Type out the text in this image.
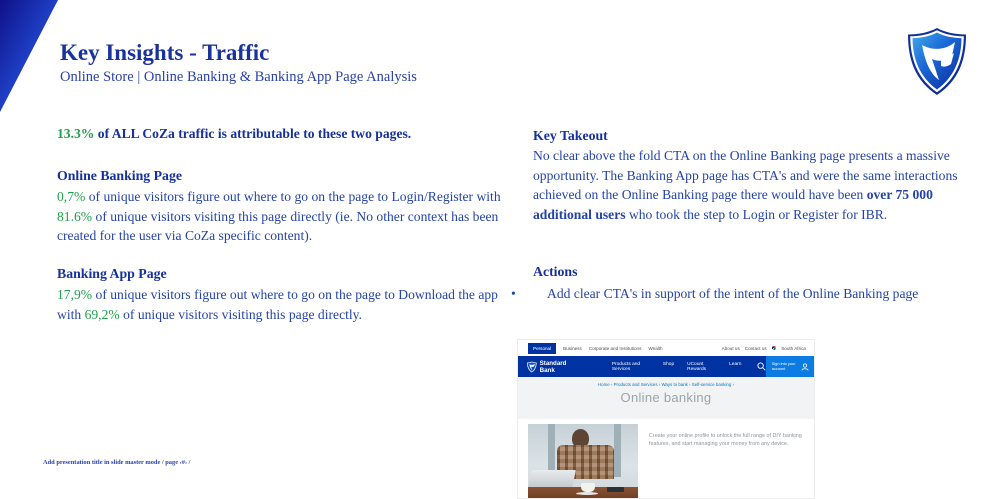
Key Insights - Traffic
Online Store | Online Banking & Banking App Page Analysis
13.3% of ALL CoZa traffic is attributable to these two pages.
Online Banking Page
0,7% of unique visitors figure out where to go on the page to Login/Register with 81.6% of unique visitors visiting this page directly (ie. No other context has been created for the user via CoZa specific content).
Banking App Page
17,9% of unique visitors figure out where to go on the page to Download the app with 69,2% of unique visitors visiting this page directly.
Key Takeout
No clear above the fold CTA on the Online Banking page presents a massive opportunity. The Banking App page has CTA's and were the same interactions achieved on the Online Banking page there would have been over 75 000 additional users who took the step to Login or Register for IBR.
Actions
•	Add clear CTA's in support of the intent of the Online Banking page
Personal	Business Corporate and Institutions Wealth	About us Contact us	South Africa
Standard Bank
Products and Services
Shop	UCount Rewards
Learn	Sign into your account
Home › Products and Services › Ways to bank › Self-service banking ›
Online banking
Create your online profile to unlock the full range of DIY banking features, and start managing your money from any device.
Add presentation title in slide master mode / page ‹#› /
